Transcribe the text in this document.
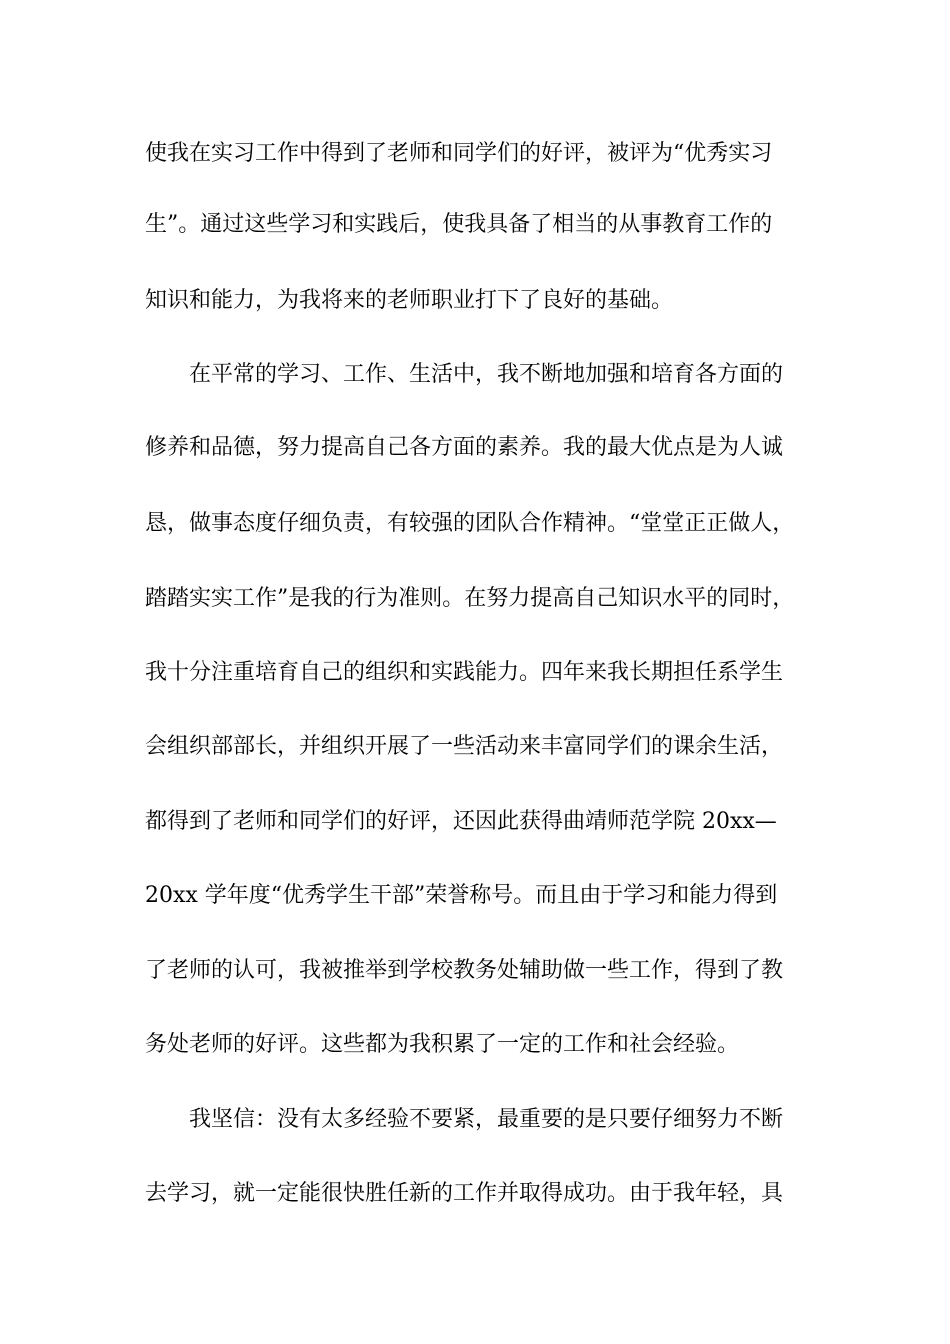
使我在实习工作中得到了老师和同学们的好评，被评为“优秀实习

生”。通过这些学习和实践后，使我具备了相当的从事教育工作的

知识和能力，为我将来的老师职业打下了良好的基础。

在平常的学习、工作、生活中，我不断地加强和培育各方面的

修养和品德，努力提高自己各方面的素养。我的最大优点是为人诚

恳，做事态度仔细负责，有较强的团队合作精神。“堂堂正正做人，

踏踏实实工作”是我的行为准则。在努力提高自己知识水平的同时，

我十分注重培育自己的组织和实践能力。四年来我长期担任系学生

会组织部部长，并组织开展了一些活动来丰富同学们的课余生活，

都得到了老师和同学们的好评，还因此获得曲靖师范学院 20xx—

20xx 学年度“优秀学生干部”荣誉称号。而且由于学习和能力得到

了老师的认可，我被推举到学校教务处辅助做一些工作，得到了教

务处老师的好评。这些都为我积累了一定的工作和社会经验。

我坚信：没有太多经验不要紧，最重要的是只要仔细努力不断

去学习，就一定能很快胜任新的工作并取得成功。由于我年轻，具
